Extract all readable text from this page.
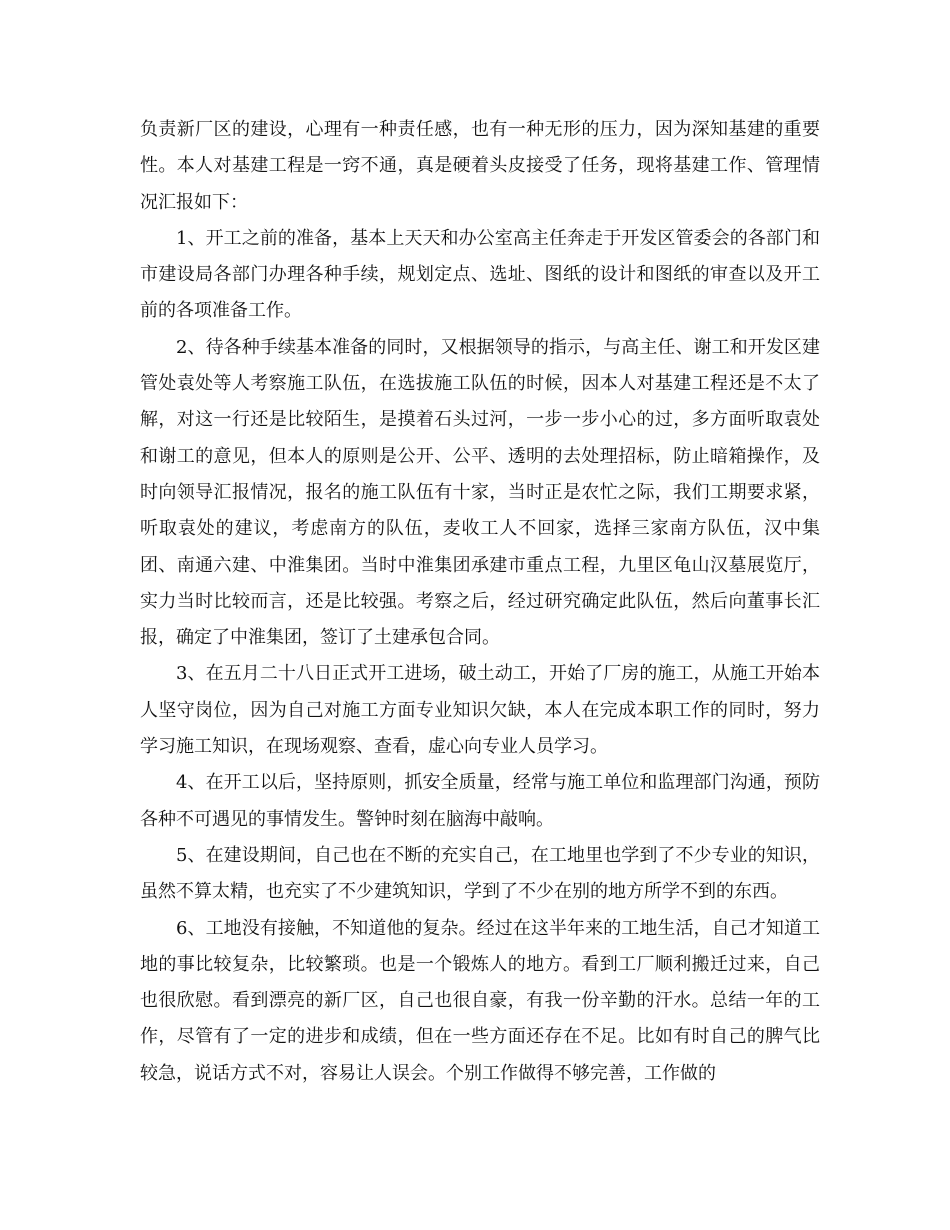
负责新厂区的建设，心理有一种责任感，也有一种无形的压力，因为深知基建的重要性。本人对基建工程是一窍不通，真是硬着头皮接受了任务，现将基建工作、管理情况汇报如下：

1、开工之前的准备，基本上天天和办公室高主任奔走于开发区管委会的各部门和市建设局各部门办理各种手续，规划定点、选址、图纸的设计和图纸的审查以及开工前的各项准备工作。

2、待各种手续基本准备的同时，又根据领导的指示，与高主任、谢工和开发区建管处袁处等人考察施工队伍，在选拔施工队伍的时候，因本人对基建工程还是不太了解，对这一行还是比较陌生，是摸着石头过河，一步一步小心的过，多方面听取袁处和谢工的意见，但本人的原则是公开、公平、透明的去处理招标，防止暗箱操作，及时向领导汇报情况，报名的施工队伍有十家，当时正是农忙之际，我们工期要求紧，听取袁处的建议，考虑南方的队伍，麦收工人不回家，选择三家南方队伍，汉中集团、南通六建、中淮集团。当时中淮集团承建市重点工程，九里区龟山汉墓展览厅，实力当时比较而言，还是比较强。考察之后，经过研究确定此队伍，然后向董事长汇报，确定了中淮集团，签订了土建承包合同。

3、在五月二十八日正式开工进场，破土动工，开始了厂房的施工，从施工开始本人坚守岗位，因为自己对施工方面专业知识欠缺，本人在完成本职工作的同时，努力学习施工知识，在现场观察、查看，虚心向专业人员学习。

4、在开工以后，坚持原则，抓安全质量，经常与施工单位和监理部门沟通，预防各种不可遇见的事情发生。警钟时刻在脑海中敲响。

5、在建设期间，自己也在不断的充实自己，在工地里也学到了不少专业的知识，虽然不算太精，也充实了不少建筑知识，学到了不少在别的地方所学不到的东西。

6、工地没有接触，不知道他的复杂。经过在这半年来的工地生活，自己才知道工地的事比较复杂，比较繁琐。也是一个锻炼人的地方。看到工厂顺利搬迁过来，自己也很欣慰。看到漂亮的新厂区，自己也很自豪，有我一份辛勤的汗水。总结一年的工作，尽管有了一定的进步和成绩，但在一些方面还存在不足。比如有时自己的脾气比较急，说话方式不对，容易让人误会。个别工作做得不够完善，工作做的
